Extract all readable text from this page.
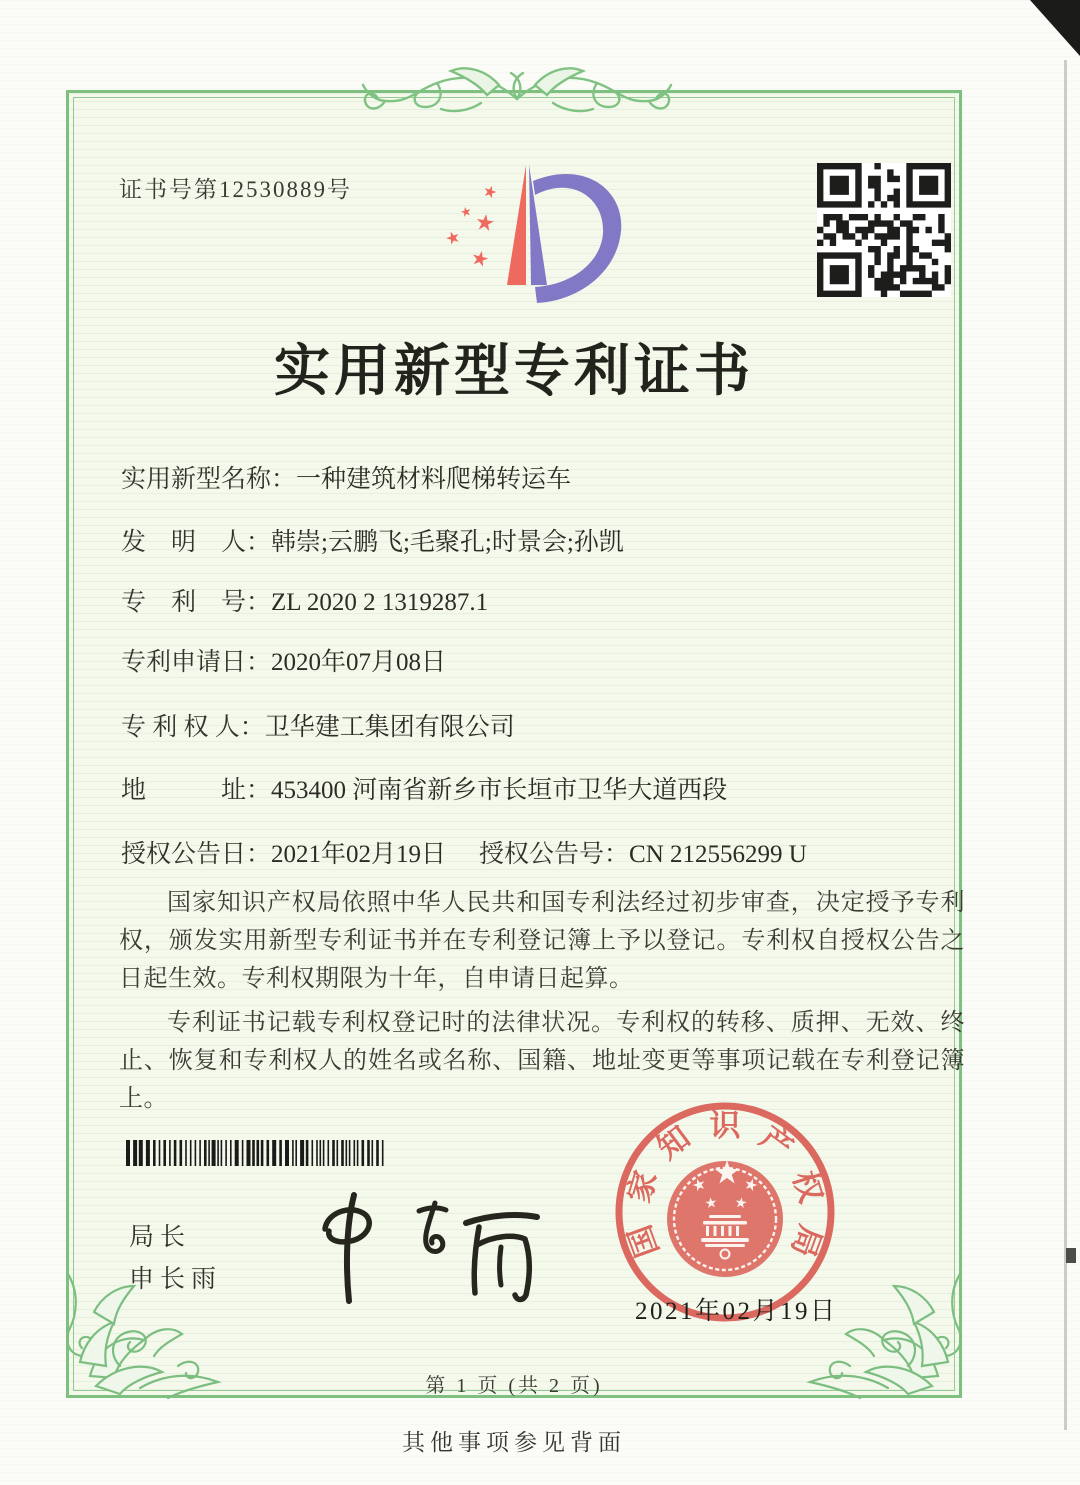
证书号第12530889号
实用新型专利证书
实用新型名称：一种建筑材料爬梯转运车
发　明　人：韩崇;云鹏飞;毛聚孔;时景会;孙凯
专　利　号：ZL 2020 2 1319287.1
专利申请日：2020年07月08日
专 利 权 人：卫华建工集团有限公司
地　　　址：453400 河南省新乡市长垣市卫华大道西段
授权公告日：2021年02月19日 授权公告号：CN 212556299 U

国家知识产权局依照中华人民共和国专利法经过初步审查，决定授予专利权，颁发实用新型专利证书并在专利登记簿上予以登记。专利权自授权公告之日起生效。专利权期限为十年，自申请日起算。

专利证书记载专利权登记时的法律状况。专利权的转移、质押、无效、终止、恢复和专利权人的姓名或名称、国籍、地址变更等事项记载在专利登记簿上。

局长
申长雨
国
家
知 识 产
权
局
2021年02月19日
第 1 页 (共 2 页)
其他事项参见背面
